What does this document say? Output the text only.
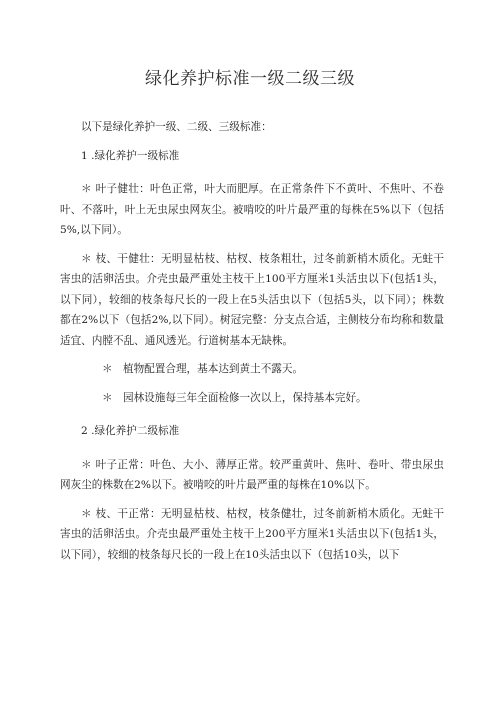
绿化养护标准一级二级三级

以下是绿化养护一级、二级、三级标准：

1 .绿化养护一级标准

＊ 叶子健壮：叶色正常，叶大而肥厚。在正常条件下不黄叶、不焦叶、不卷叶、不落叶，叶上无虫尿虫网灰尘。被啃咬的叶片最严重的每株在5%以下（包括5%,以下同）。

＊ 枝、干健壮：无明显枯枝、枯杈、枝条粗壮，过冬前新梢木质化。无蛀干害虫的活卵活虫。介壳虫最严重处主枝干上100平方厘米1头活虫以下(包括1头，以下同），较细的枝条每尺长的一段上在5头活虫以下（包括5头，以下同）；株数都在2%以下（包括2%,以下同）。树冠完整：分支点合适，主侧枝分布均称和数量适宜、内膛不乱、通风透光。行道树基本无缺株。

＊ 植物配置合理，基本达到黄土不露天。

＊ 园林设施每三年全面检修一次以上，保持基本完好。

2 .绿化养护二级标准

＊ 叶子正常：叶色、大小、薄厚正常。较严重黄叶、焦叶、卷叶、带虫尿虫网灰尘的株数在2%以下。被啃咬的叶片最严重的每株在10%以下。

＊ 枝、干正常：无明显枯枝、枯杈，枝条健壮，过冬前新梢木质化。无蛀干害虫的活卵活虫。介壳虫最严重处主枝干上200平方厘米1头活虫以下(包括1头，以下同），较细的枝条每尺长的一段上在10头活虫以下（包括10头，以下
